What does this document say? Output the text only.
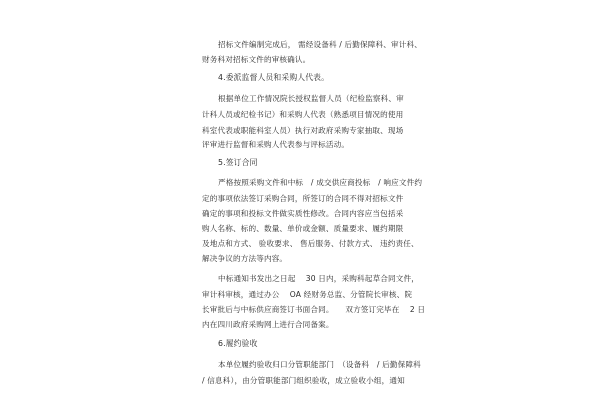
招标文件编制完成后， 需经设备科 / 后勤保障科、审计科、

财务科对招标文件的审核确认。

4.委派监督人员和采购人代表。

根据单位工作情况院长授权监督人员（纪检监察科、审

计科人员或纪检书记）和采购人代表（熟悉项目情况的使用

科室代表或职能科室人员）执行对政府采购专家抽取、现场

评审进行监督和采购人代表参与评标活动。

5.签订合同

严格按照采购文件和中标　/ 成交供应商投标　/ 响应文件约

定的事项依法签订采购合同，所签订的合同不得对招标文件

确定的事项和投标文件做实质性修改。合同内容应当包括采

购人名称、标的、数量、单价或金额、质量要求、履约期限

及地点和方式、 验收要求、 售后服务、付款方式、 违约责任、

解决争议的方法等内容。

中标通知书发出之日起　 30 日内，采购科起草合同文件，

审计科审核，通过办公　 OA 经财务总监、分管院长审核、院

长审批后与中标供应商签订书面合同。　　双方签订完毕在　 2 日

内在四川政府采购网上进行合同备案。

6.履约验收

本单位履约验收归口分管职能部门　（设备科　/ 后勤保障科

/ 信息科），由分管职能部门组织验收，成立验收小组，通知
